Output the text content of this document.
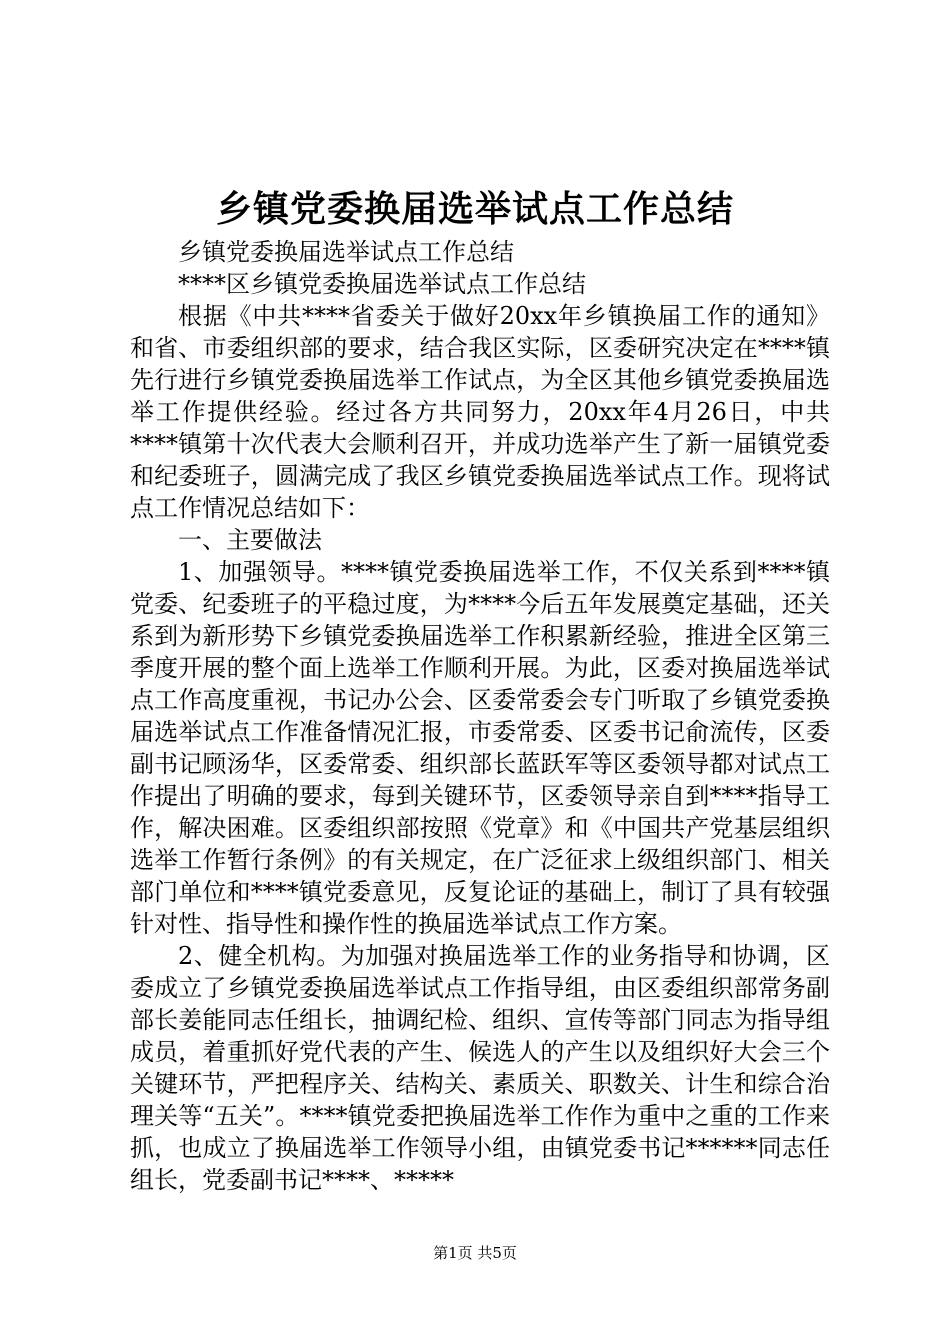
乡镇党委换届选举试点工作总结

乡镇党委换届选举试点工作总结

****区乡镇党委换届选举试点工作总结

根据《中共****省委关于做好20xx年乡镇换届工作的通知》和省、市委组织部的要求，结合我区实际，区委研究决定在****镇先行进行乡镇党委换届选举工作试点，为全区其他乡镇党委换届选举工作提供经验。经过各方共同努力，20xx年4月26日，中共****镇第十次代表大会顺利召开，并成功选举产生了新一届镇党委和纪委班子，圆满完成了我区乡镇党委换届选举试点工作。现将试点工作情况总结如下：

一、主要做法

1、加强领导。****镇党委换届选举工作，不仅关系到****镇党委、纪委班子的平稳过度，为****今后五年发展奠定基础，还关系到为新形势下乡镇党委换届选举工作积累新经验，推进全区第三季度开展的整个面上选举工作顺利开展。为此，区委对换届选举试点工作高度重视，书记办公会、区委常委会专门听取了乡镇党委换届选举试点工作准备情况汇报，市委常委、区委书记俞流传，区委副书记顾汤华，区委常委、组织部长蓝跃军等区委领导都对试点工作提出了明确的要求，每到关键环节，区委领导亲自到****指导工作，解决困难。区委组织部按照《党章》和《中国共产党基层组织选举工作暂行条例》的有关规定，在广泛征求上级组织部门、相关部门单位和****镇党委意见，反复论证的基础上，制订了具有较强针对性、指导性和操作性的换届选举试点工作方案。

2、健全机构。为加强对换届选举工作的业务指导和协调，区委成立了乡镇党委换届选举试点工作指导组，由区委组织部常务副部长姜能同志任组长，抽调纪检、组织、宣传等部门同志为指导组成员，着重抓好党代表的产生、候选人的产生以及组织好大会三个关键环节，严把程序关、结构关、素质关、职数关、计生和综合治理关等“五关”。****镇党委把换届选举工作作为重中之重的工作来抓，也成立了换届选举工作领导小组，由镇党委书记******同志任组长，党委副书记****、*****

第1页 共5页
